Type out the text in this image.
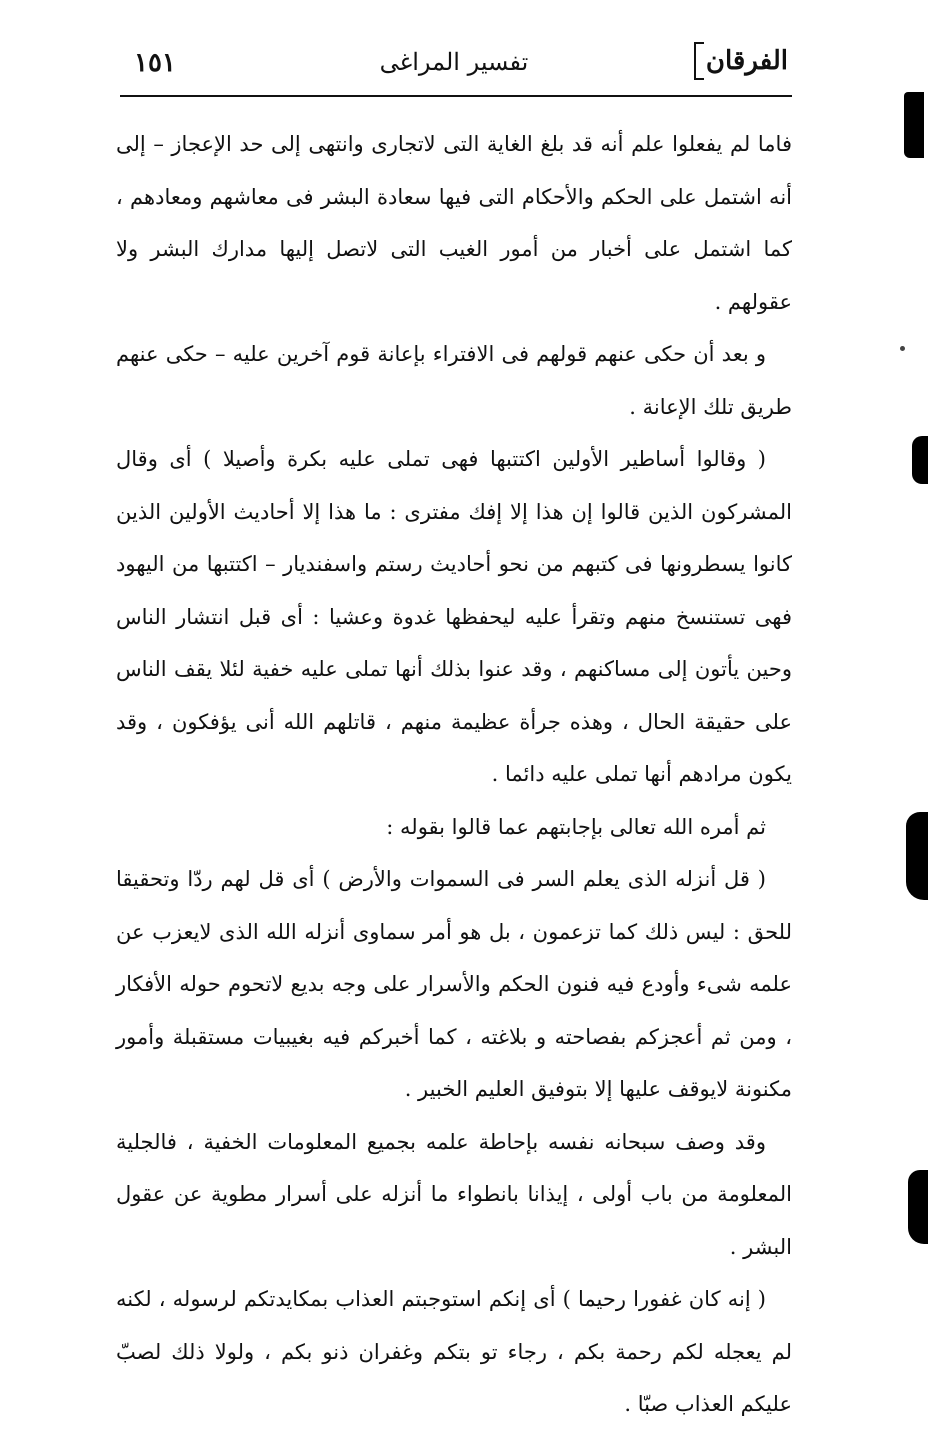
الفرقان
تفسير المراغى
١٥١

فاما لم يفعلوا علم أنه قد بلغ الغاية التى لاتجارى وانتهى إلى حد الإعجاز – إلى أنه اشتمل على الحكم والأحكام التى فيها سعادة البشر فى معاشهم ومعادهم ، كما اشتمل على أخبار من أمور الغيب التى لاتصل إليها مدارك البشر ولا عقولهم .

و بعد أن حكى عنهم قولهم فى الافتراء بإعانة قوم آخرين عليه – حكى عنهم طريق تلك الإعانة .

( وقالوا أساطير الأولين اكتتبها فهى تملى عليه بكرة وأصيلا ) أى وقال المشركون الذين قالوا إن هذا إلا إفك مفترى : ما هذا إلا أحاديث الأولين الذين كانوا يسطرونها فى كتبهم من نحو أحاديث رستم واسفنديار – اكتتبها من اليهود فهى تستنسخ منهم وتقرأ عليه ليحفظها غدوة وعشيا : أى قبل انتشار الناس وحين يأتون إلى مساكنهم ، وقد عنوا بذلك أنها تملى عليه خفية لئلا يقف الناس على حقيقة الحال ، وهذه جرأة عظيمة منهم ، قاتلهم الله أنى يؤفكون ، وقد يكون مرادهم أنها تملى عليه دائما .

ثم أمره الله تعالى بإجابتهم عما قالوا بقوله :

( قل أنزله الذى يعلم السر فى السموات والأرض ) أى قل لهم ردّا وتحقيقا للحق : ليس ذلك كما تزعمون ، بل هو أمر سماوى أنزله الله الذى لايعزب عن علمه شىء وأودع فيه فنون الحكم والأسرار على وجه بديع لاتحوم حوله الأفكار ، ومن ثم أعجزكم بفصاحته و بلاغته ، كما أخبركم فيه بغيبيات مستقبلة وأمور مكنونة لايوقف عليها إلا بتوفيق العليم الخبير .

وقد وصف سبحانه نفسه بإحاطة علمه بجميع المعلومات الخفية ، فالجلية المعلومة من باب أولى ، إيذانا بانطواء ما أنزله على أسرار مطوية عن عقول البشر .

( إنه كان غفورا رحيما ) أى إنكم استوجبتم العذاب بمكايدتكم لرسوله ، لكنه لم يعجله لكم رحمة بكم ، رجاء تو بتكم وغفران ذنو بكم ، ولولا ذلك لصبّ عليكم العذاب صبّا .
